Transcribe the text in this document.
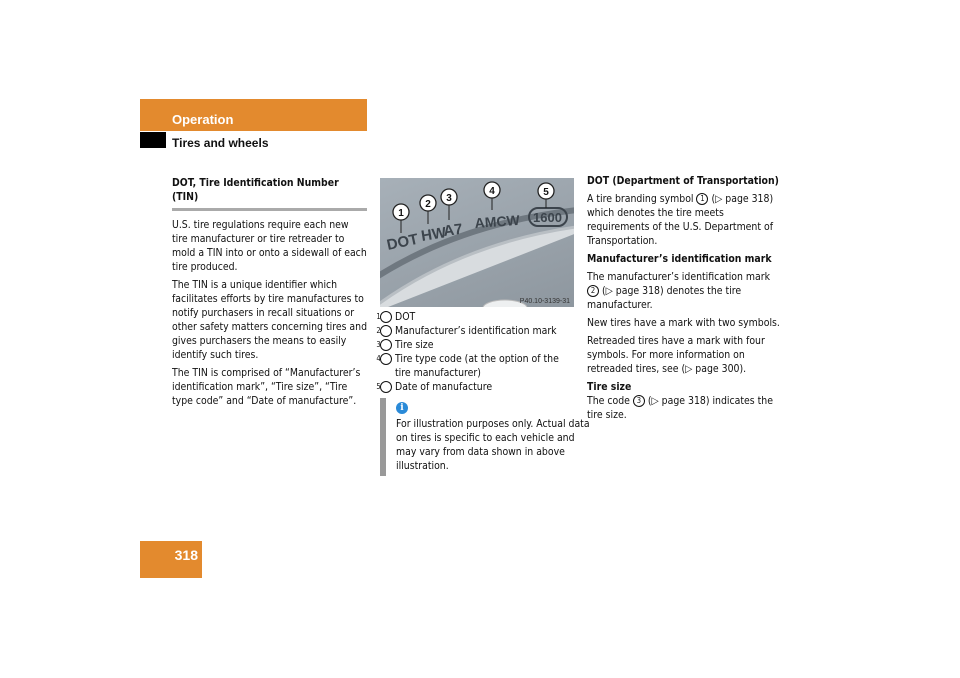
Operation
Tires and wheels
DOT, Tire Identification Number (TIN)

U.S. tire regulations require each new tire manufacturer or tire retreader to mold a TIN into or onto a sidewall of each tire produced.

The TIN is a unique identifier which facilitates efforts by tire manufactures to notify purchasers in recall situations or other safety matters concerning tires and gives purchasers the means to easily identify such tires.

The TIN is comprised of “Manufacturer’s identification mark”, “Tire size”, “Tire type code” and “Date of manufacture”.

DOT HW
A7 AMCW 1600
1
2
3
4	5
P40.10-3139-31
1 DOT
2 Manufacturer’s identification mark
3 Tire size
4 Tire type code (at the option of the tire manufacturer)
5 Date of manufacture
i
For illustration purposes only. Actual data on tires is specific to each vehicle and may vary from data shown in above illustration.

DOT (Department of Transportation)

A tire branding symbol 1 (▷ page 318) which denotes the tire meets requirements of the U.S. Department of Transportation.

Manufacturer’s identification mark

The manufacturer’s identification mark 2 (▷ page 318) denotes the tire manufacturer.

New tires have a mark with two symbols.

Retreaded tires have a mark with four symbols. For more information on retreaded tires, see (▷ page 300).

Tire size

The code 3 (▷ page 318) indicates the tire size.

318
